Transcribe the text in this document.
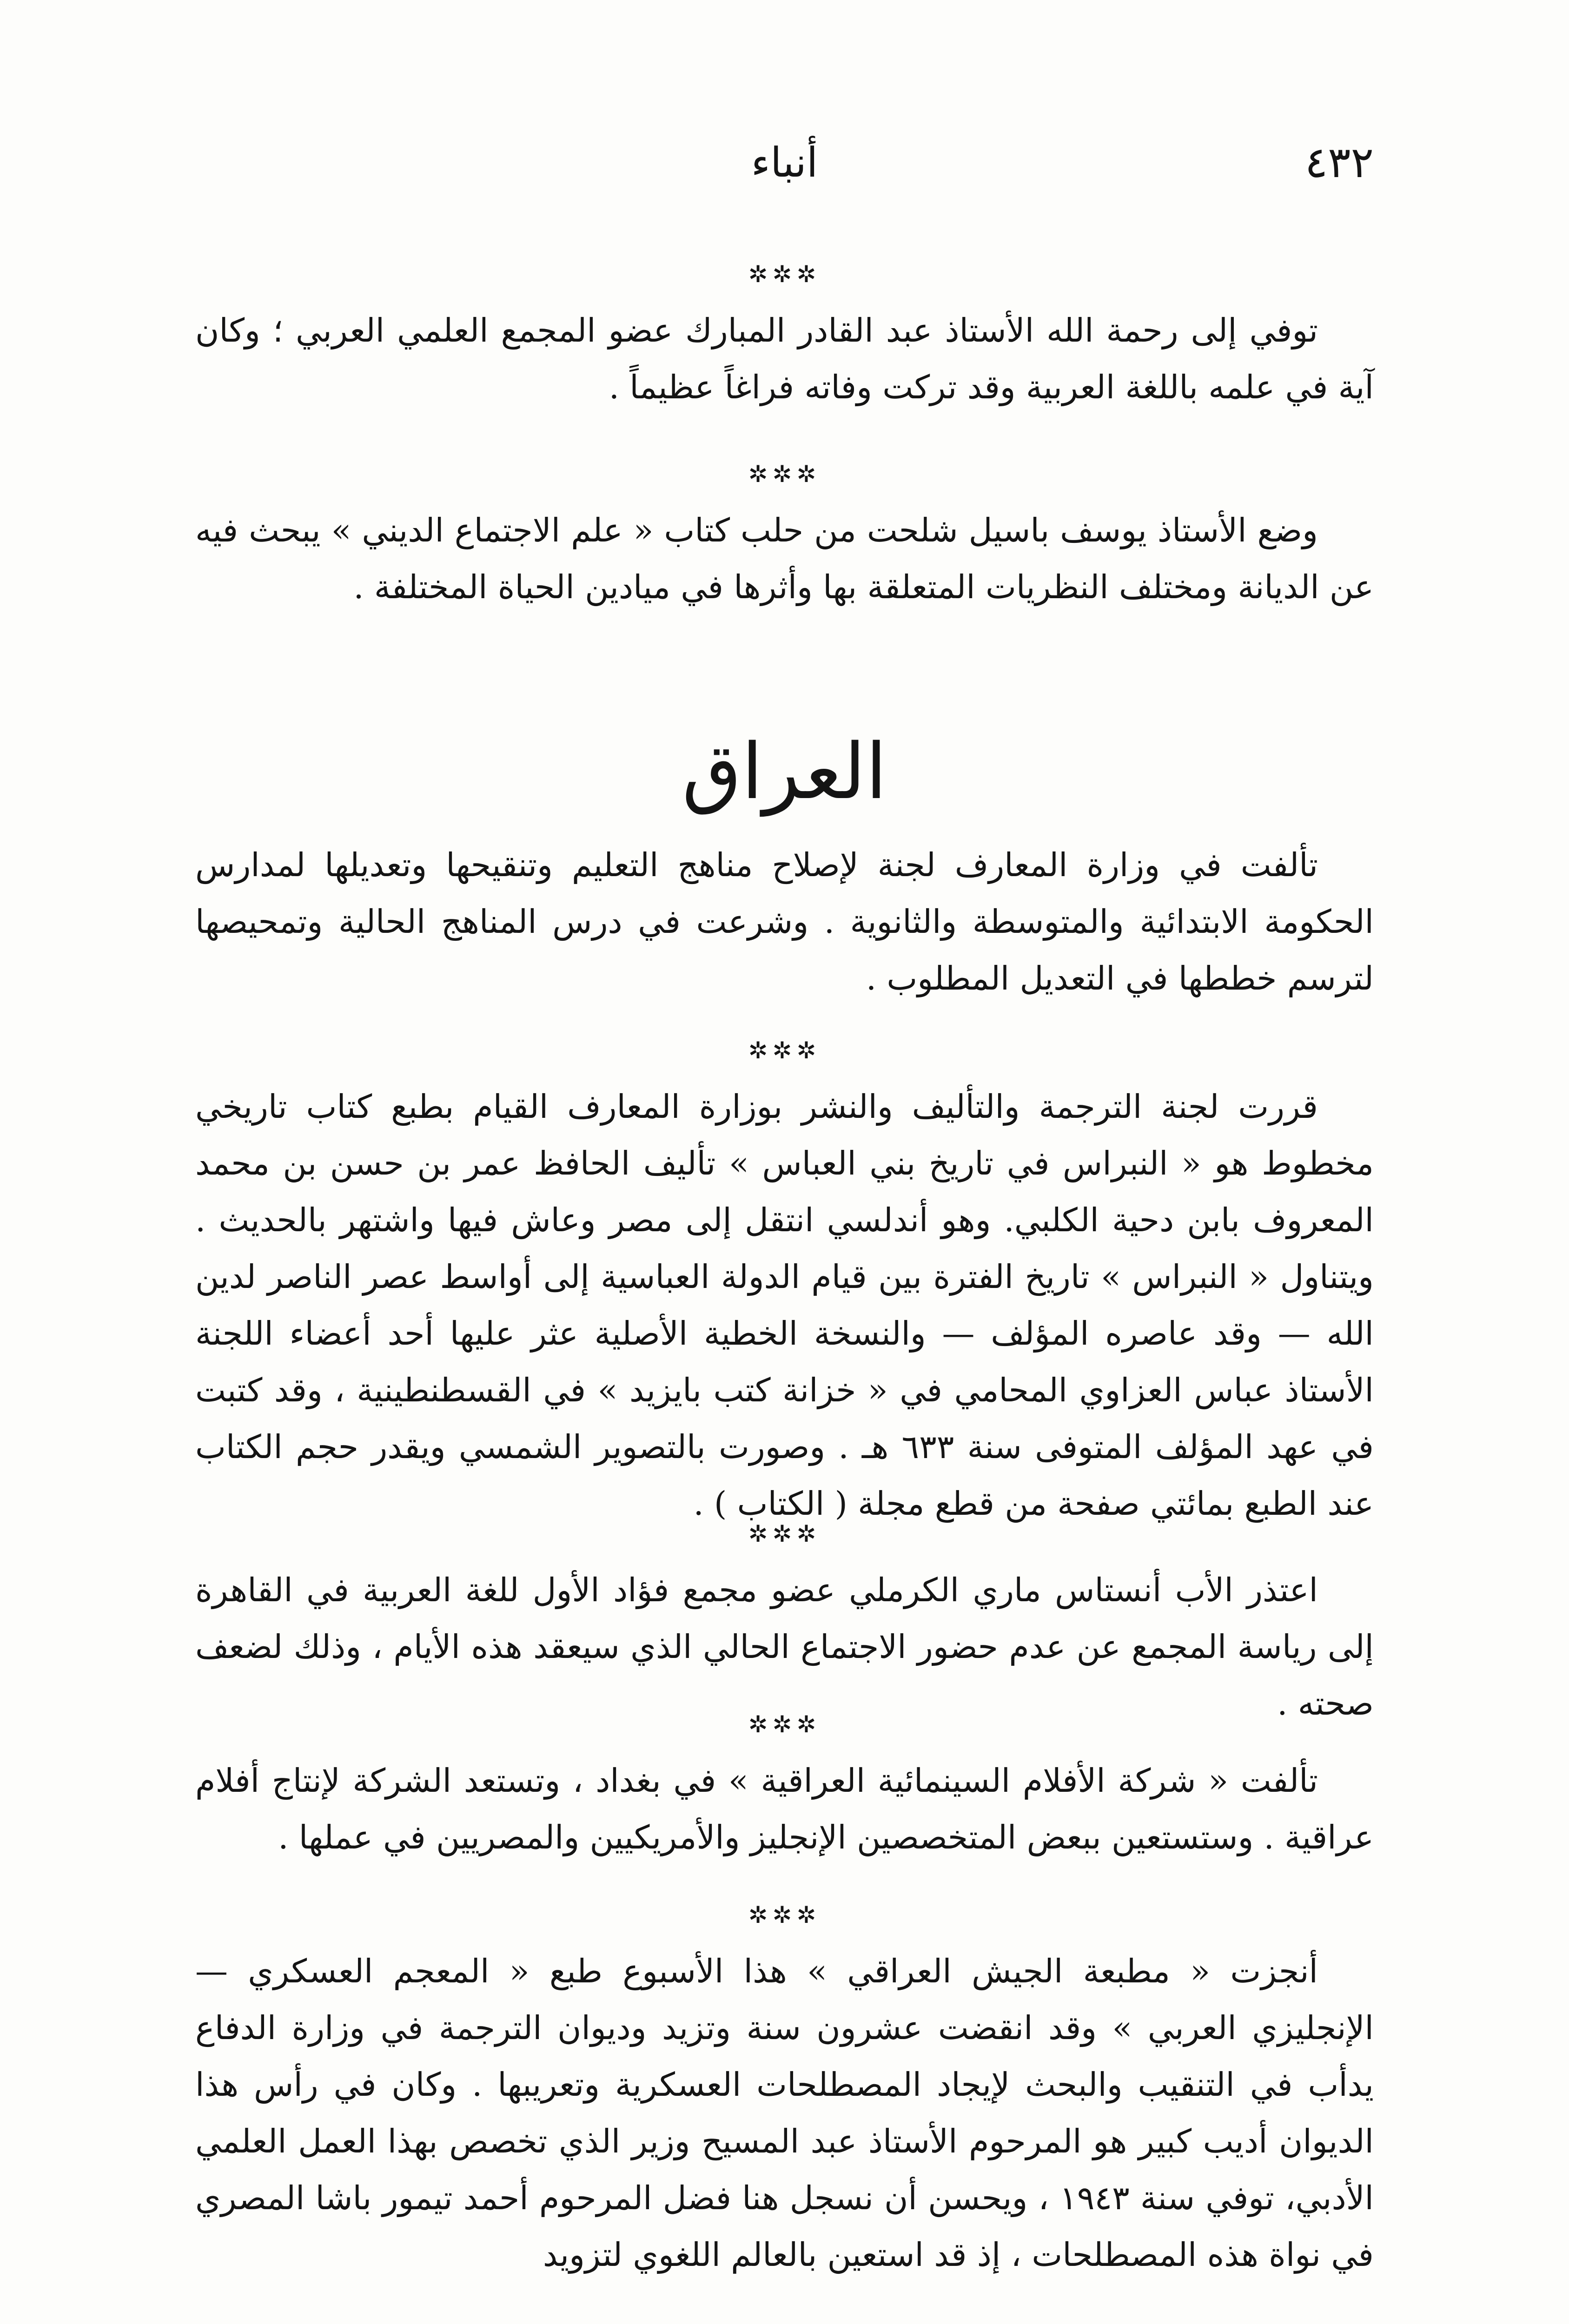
٤٣٢
أنباء
✲✲✲

توفي إلى رحمة الله الأستاذ عبد القادر المبارك عضو المجمع العلمي العربي ؛ وكان آية في علمه باللغة العربية وقد تركت وفاته فراغاً عظيماً .

✲✲✲

وضع الأستاذ يوسف باسيل شلحت من حلب كتاب « علم الاجتماع الديني » يبحث فيه عن الديانة ومختلف النظريات المتعلقة بها وأثرها في ميادين الحياة المختلفة .

العراق

تألفت في وزارة المعارف لجنة لإصلاح مناهج التعليم وتنقيحها وتعديلها لمدارس الحكومة الابتدائية والمتوسطة والثانوية . وشرعت في درس المناهج الحالية وتمحيصها لترسم خططها في التعديل المطلوب .

✲✲✲

قررت لجنة الترجمة والتأليف والنشر بوزارة المعارف القيام بطبع كتاب تاريخي مخطوط هو « النبراس في تاريخ بني العباس » تأليف الحافظ عمر بن حسن بن محمد المعروف بابن دحية الكلبي. وهو أندلسي انتقل إلى مصر وعاش فيها واشتهر بالحديث . ويتناول « النبراس » تاريخ الفترة بين قيام الدولة العباسية إلى أواسط عصر الناصر لدين الله — وقد عاصره المؤلف — والنسخة الخطية الأصلية عثر عليها أحد أعضاء اللجنة الأستاذ عباس العزاوي المحامي في « خزانة كتب بايزيد » في القسطنطينية ، وقد كتبت في عهد المؤلف المتوفى سنة ٦٣٣ هـ . وصورت بالتصوير الشمسي ويقدر حجم الكتاب عند الطبع بمائتي صفحة من قطع مجلة ( الكتاب ) .

✲✲✲

اعتذر الأب أنستاس ماري الكرملي عضو مجمع فؤاد الأول للغة العربية في القاهرة إلى رياسة المجمع عن عدم حضور الاجتماع الحالي الذي سيعقد هذه الأيام ، وذلك لضعف صحته .

✲✲✲

تألفت « شركة الأفلام السينمائية العراقية » في بغداد ، وتستعد الشركة لإنتاج أفلام عراقية . وستستعين ببعض المتخصصين الإنجليز والأمريكيين والمصريين في عملها .

✲✲✲

أنجزت « مطبعة الجيش العراقي » هذا الأسبوع طبع « المعجم العسكري — الإنجليزي العربي » وقد انقضت عشرون سنة وتزيد وديوان الترجمة في وزارة الدفاع يدأب في التنقيب والبحث لإيجاد المصطلحات العسكرية وتعريبها . وكان في رأس هذا الديوان أديب كبير هو المرحوم الأستاذ عبد المسيح وزير الذي تخصص بهذا العمل العلمي الأدبي، توفي سنة ١٩٤٣ ، ويحسن أن نسجل هنا فضل المرحوم أحمد تيمور باشا المصري في نواة هذه المصطلحات ، إذ قد استعين بالعالم اللغوي لتزويد
